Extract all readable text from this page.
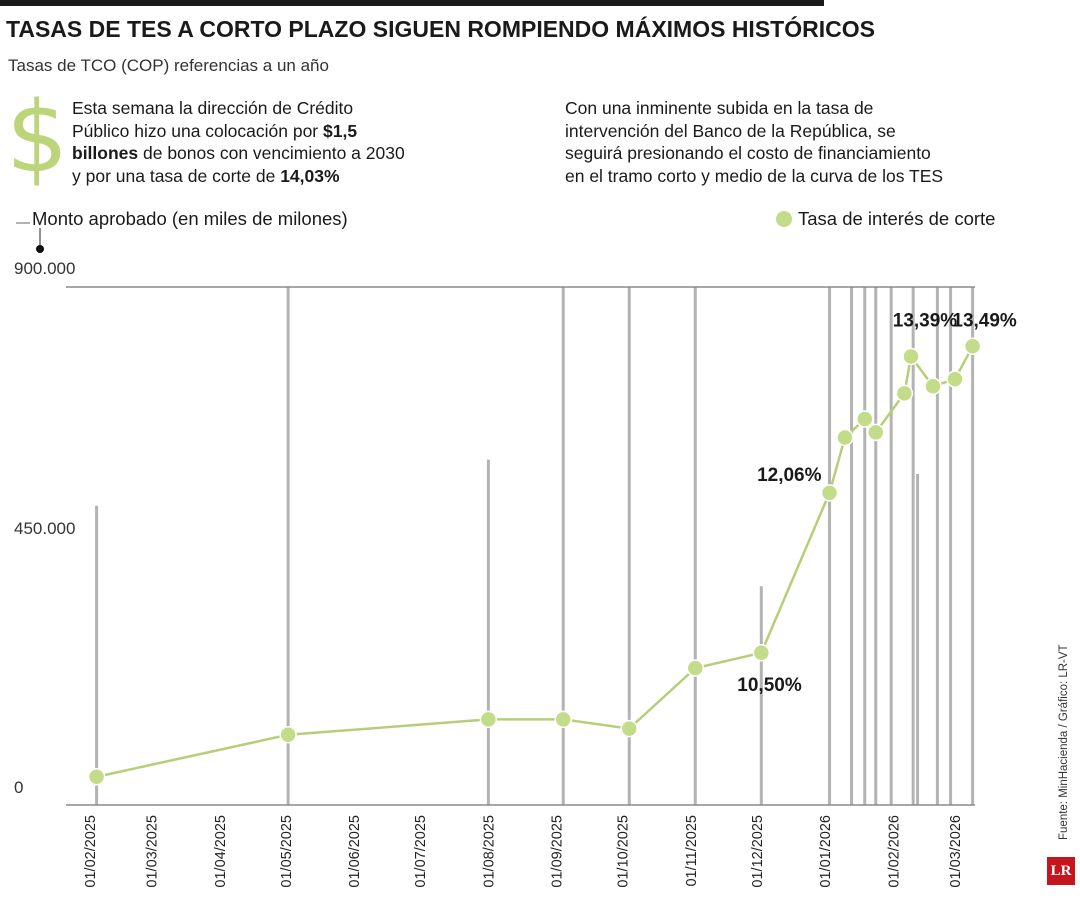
TASAS DE TES A CORTO PLAZO SIGUEN ROMPIENDO MÁXIMOS HISTÓRICOS
Tasas de TCO (COP) referencias a un año
$ Esta semana la dirección de Crédito
Público hizo una colocación por $1,5
billones de bonos con vencimiento a 2030
y por una tasa de corte de 14,03%
Con una inminente subida en la tasa de
intervención del Banco de la República, se
seguirá presionando el costo de financiamiento
en el tramo corto y medio de la curva de los TES
Monto aprobado (en miles de milones)	Tasa de interés de corte
900.000
450.000
0
01/02/2025	01/03/2025	01/04/2025	01/05/2025	01/06/2025	01/07/2025	01/08/2025	01/09/2025	01/10/2025	01/11/2025	01/12/2025	01/01/2026	01/02/2026	01/03/2026
10,50%
12,06%
13,39%
13,49%
Fuente: MinHacienda / Gráfico: LR-VT
LR
